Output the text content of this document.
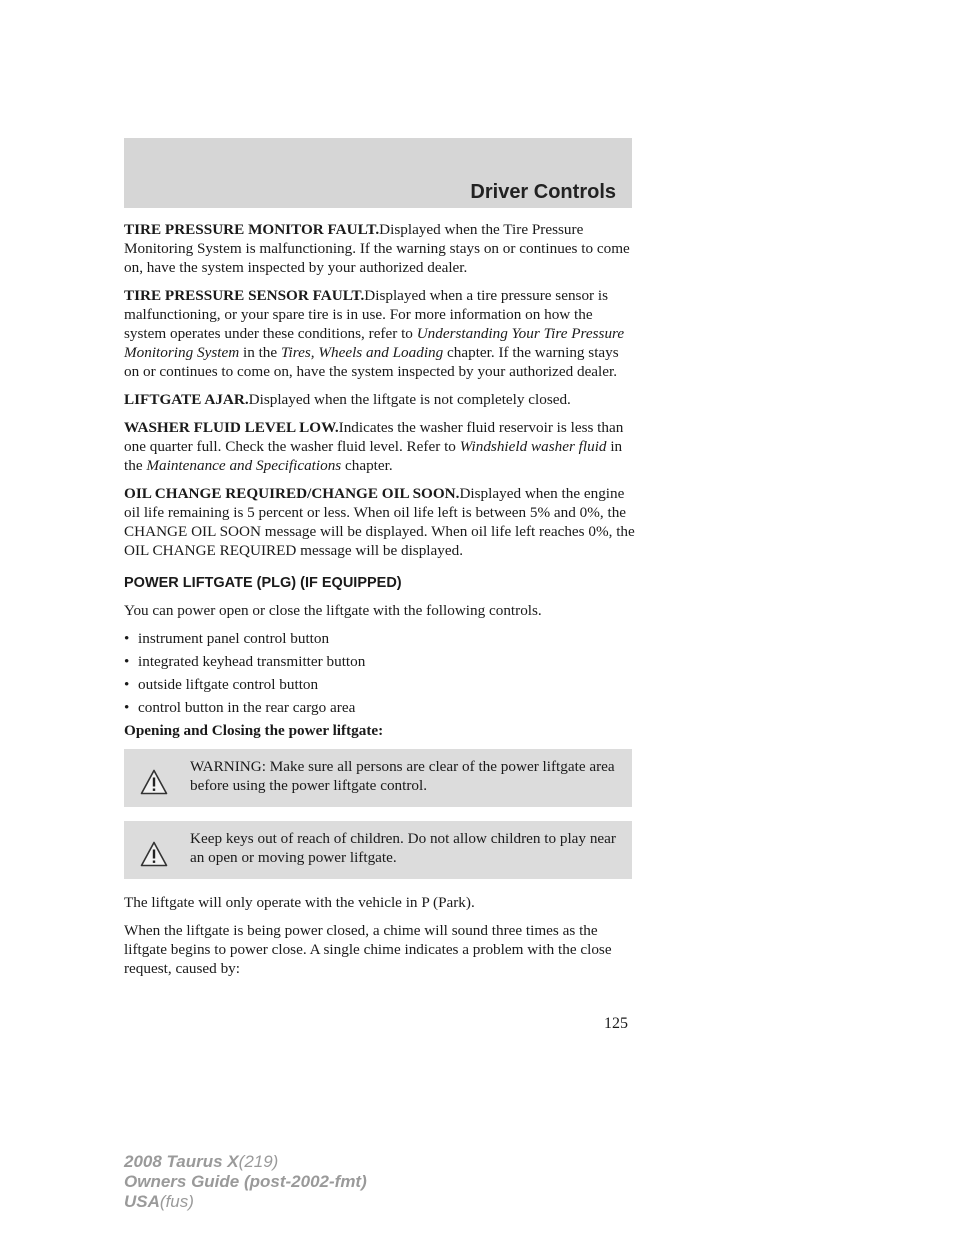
Driver Controls

TIRE PRESSURE MONITOR FAULT.Displayed when the Tire Pressure Monitoring System is malfunctioning. If the warning stays on or continues to come on, have the system inspected by your authorized dealer.

TIRE PRESSURE SENSOR FAULT.Displayed when a tire pressure sensor is malfunctioning, or your spare tire is in use. For more information on how the system operates under these conditions, refer to Understanding Your Tire Pressure Monitoring System in the Tires, Wheels and Loading chapter. If the warning stays on or continues to come on, have the system inspected by your authorized dealer.

LIFTGATE AJAR.Displayed when the liftgate is not completely closed.

WASHER FLUID LEVEL LOW.Indicates the washer fluid reservoir is less than one quarter full. Check the washer fluid level. Refer to Windshield washer fluid in the Maintenance and Specifications chapter.

OIL CHANGE REQUIRED/CHANGE OIL SOON.Displayed when the engine oil life remaining is 5 percent or less. When oil life left is between 5% and 0%, the CHANGE OIL SOON message will be displayed. When oil life left reaches 0%, the OIL CHANGE REQUIRED message will be displayed.

POWER LIFTGATE (PLG) (IF EQUIPPED)

You can power open or close the liftgate with the following controls.

• instrument panel control button
• integrated keyhead transmitter button
• outside liftgate control button
• control button in the rear cargo area

Opening and Closing the power liftgate:

WARNING: Make sure all persons are clear of the power liftgate area before using the power liftgate control.
Keep keys out of reach of children. Do not allow children to play near an open or moving power liftgate.

The liftgate will only operate with the vehicle in P (Park).

When the liftgate is being power closed, a chime will sound three times as the liftgate begins to power close. A single chime indicates a problem with the close request, caused by:

125
2008 Taurus X(219)
Owners Guide (post-2002-fmt)
USA(fus)
